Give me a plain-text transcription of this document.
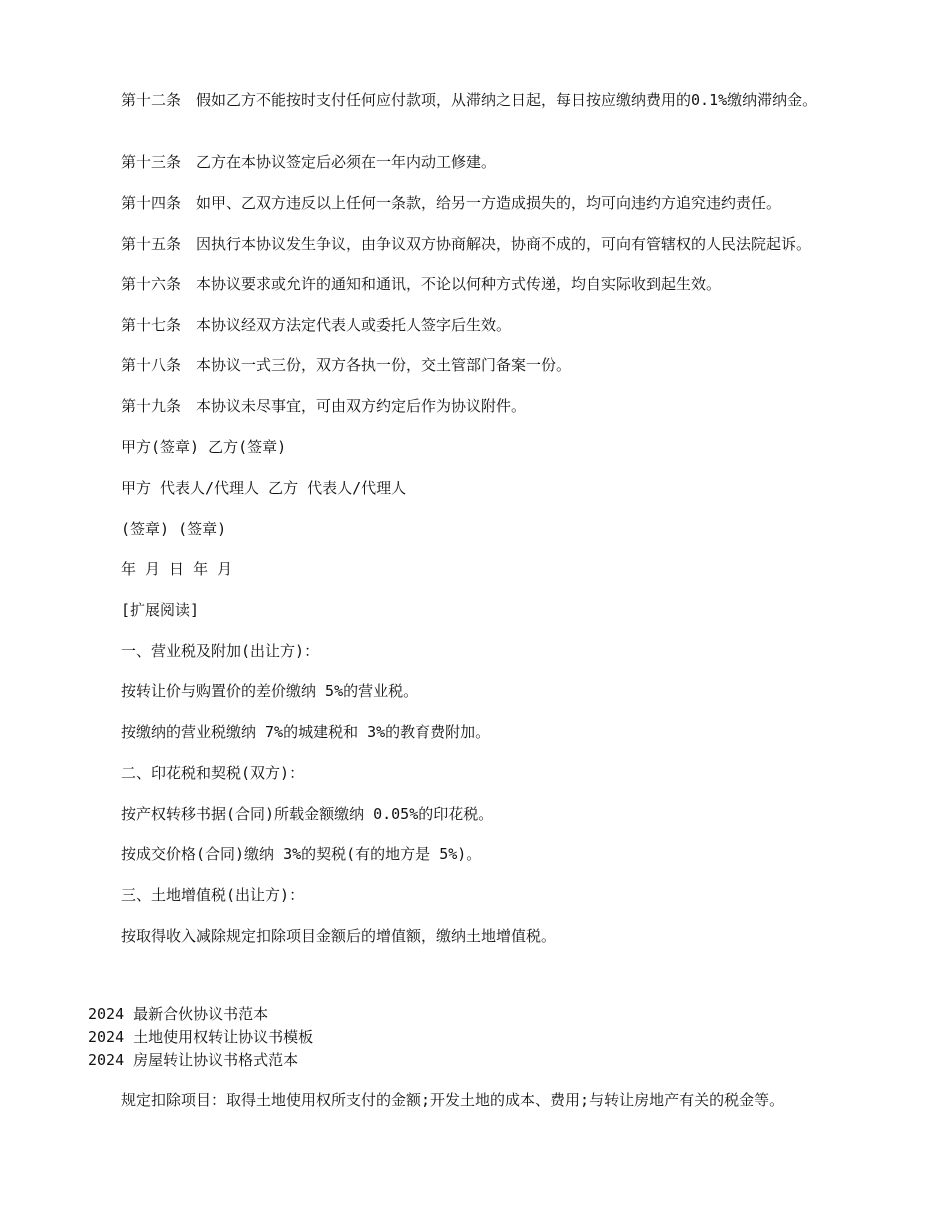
第十二条　假如乙方不能按时支付任何应付款项，从滞纳之日起，每日按应缴纳费用的0.1%缴纳滞纳金。

第十三条　乙方在本协议签定后必须在一年内动工修建。

第十四条　如甲、乙双方违反以上任何一条款，给另一方造成损失的，均可向违约方追究违约责任。

第十五条　因执行本协议发生争议，由争议双方协商解决，协商不成的，可向有管辖权的人民法院起诉。

第十六条　本协议要求或允许的通知和通讯，不论以何种方式传递，均自实际收到起生效。

第十七条　本协议经双方法定代表人或委托人签字后生效。

第十八条　本协议一式三份，双方各执一份，交土管部门备案一份。

第十九条　本协议未尽事宜，可由双方约定后作为协议附件。

甲方(签章) 乙方(签章)

甲方 代表人/代理人 乙方 代表人/代理人

(签章) (签章)

年 月 日 年 月

[扩展阅读]

一、营业税及附加(出让方)：

按转让价与购置价的差价缴纳 5%的营业税。

按缴纳的营业税缴纳 7%的城建税和 3%的教育费附加。

二、印花税和契税(双方)：

按产权转移书据(合同)所载金额缴纳 0.05%的印花税。

按成交价格(合同)缴纳 3%的契税(有的地方是 5%)。

三、土地增值税(出让方)：

按取得收入减除规定扣除项目金额后的增值额，缴纳土地增值税。

2024 最新合伙协议书范本

2024 土地使用权转让协议书模板

2024 房屋转让协议书格式范本

规定扣除项目：取得土地使用权所支付的金额;开发土地的成本、费用;与转让房地产有关的税金等。
